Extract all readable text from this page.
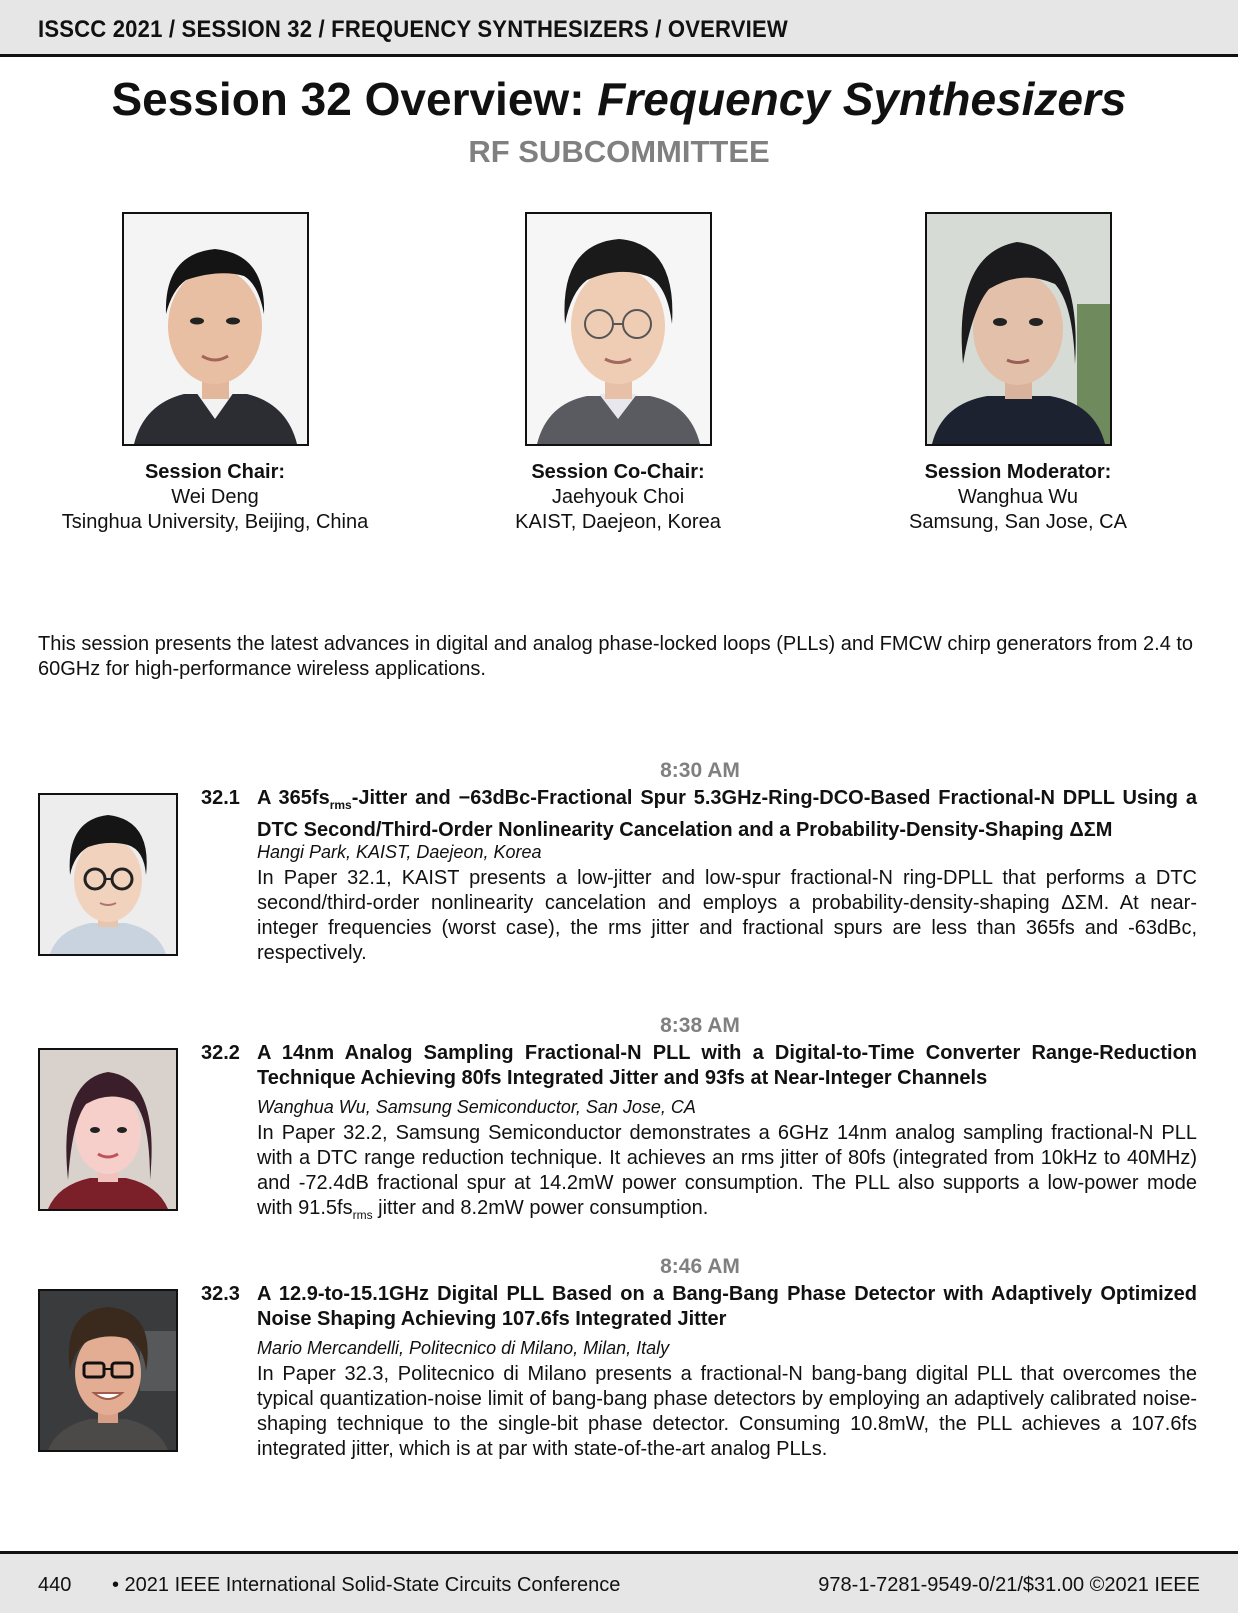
ISSCC 2021 / SESSION 32 / FREQUENCY SYNTHESIZERS / OVERVIEW
Session 32 Overview: Frequency Synthesizers
RF SUBCOMMITTEE
Session Chair:
Wei Deng
Tsinghua University, Beijing, China
Session Co-Chair:
Jaehyouk Choi
KAIST, Daejeon, Korea
Session Moderator:
Wanghua Wu
Samsung, San Jose, CA
This session presents the latest advances in digital and analog phase-locked loops (PLLs) and FMCW chirp generators from 2.4 to 60GHz for high-performance wireless applications.
8:30 AM
32.1 A $365fs_{rms}$-Jitter and −63dBc-Fractional Spur 5.3GHz-Ring-DCO-Based Fractional-N DPLL Using a DTC Second/Third-Order Nonlinearity Cancelation and a Probability-Density-Shaping ΔΣM
Hangi Park, KAIST, Daejeon, Korea
In Paper 32.1, KAIST presents a low-jitter and low-spur fractional-N ring-DPLL that performs a DTC second/third-order nonlinearity cancelation and employs a probability-density-shaping ΔΣM. At near-integer frequencies (worst case), the rms jitter and fractional spurs are less than 365fs and -63dBc, respectively.
8:38 AM
32.2 A 14nm Analog Sampling Fractional-N PLL with a Digital-to-Time Converter Range-Reduction Technique Achieving 80fs Integrated Jitter and 93fs at Near-Integer Channels
Wanghua Wu, Samsung Semiconductor, San Jose, CA
In Paper 32.2, Samsung Semiconductor demonstrates a 6GHz 14nm analog sampling fractional-N PLL with a DTC range reduction technique. It achieves an rms jitter of 80fs (integrated from 10kHz to 40MHz) and -72.4dB fractional spur at 14.2mW power consumption. The PLL also supports a low-power mode with $91.5fs_{rms}$ jitter and 8.2mW power consumption.
8:46 AM
32.3 A 12.9-to-15.1GHz Digital PLL Based on a Bang-Bang Phase Detector with Adaptively Optimized Noise Shaping Achieving 107.6fs Integrated Jitter
Mario Mercandelli, Politecnico di Milano, Milan, Italy
In Paper 32.3, Politecnico di Milano presents a fractional-N bang-bang digital PLL that overcomes the typical quantization-noise limit of bang-bang phase detectors by employing an adaptively calibrated noise-shaping technique to the single-bit phase detector. Consuming 10.8mW, the PLL achieves a 107.6fs integrated jitter, which is at par with state-of-the-art analog PLLs.
440 • 2021 IEEE International Solid-State Circuits Conference	978-1-7281-9549-0/21/$31.00 ©2021 IEEE
